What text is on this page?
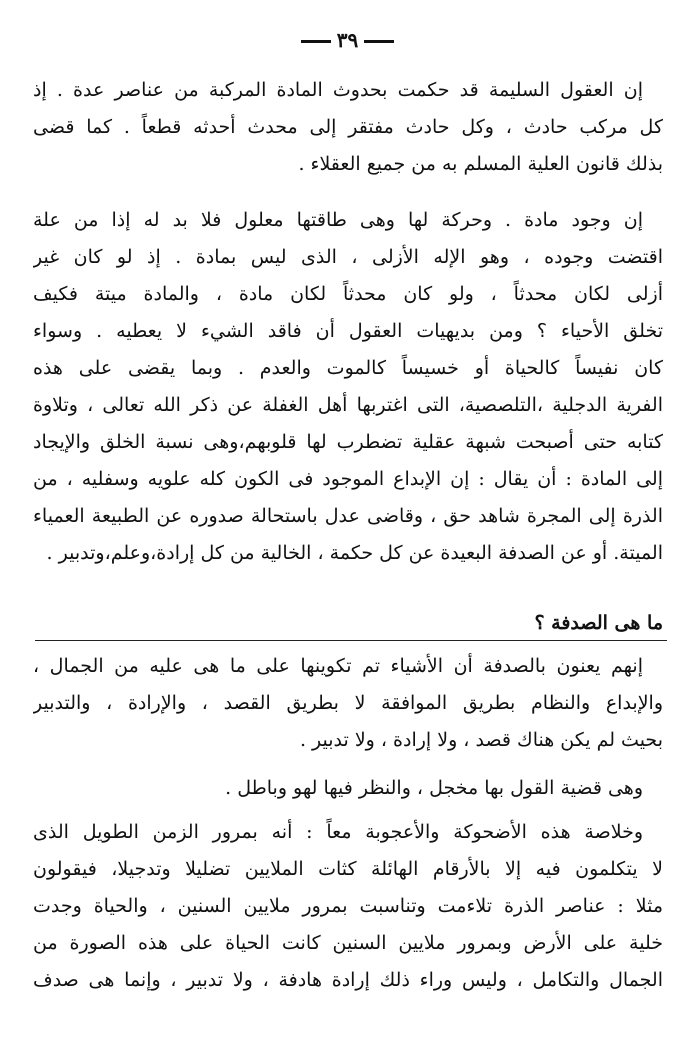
٣٩
إن العقول السليمة قد حكمت بحدوث المادة المركبة من عناصر عدة . إذ
كل مركب حادث ، وكل حادث مفتقر إلى محدث أحدثه قطعاً . كما قضى
بذلك قانون العلية المسلم به من جميع العقلاء .
إن وجود مادة . وحركة لها وهى طاقتها معلول فلا بد له إذا من علة
اقتضت وجوده ، وهو الإله الأزلى ، الذى ليس بمادة . إذ لو كان غير
أزلى لكان محدثاً ، ولو كان محدثاً لكان مادة ، والمادة ميتة فكيف
تخلق الأحياء ؟ ومن بديهيات العقول أن فاقد الشيء لا يعطيه . وسواء
كان نفيساً كالحياة أو خسيساً كالموت والعدم . وبما يقضى على هذه
الفرية الدجلية ،التلصصية، التى اغتربها أهل الغفلة عن ذكر الله تعالى ، وتلاوة
كتابه حتى أصبحت شبهة عقلية تضطرب لها قلوبهم،وهى نسبة الخلق والإيجاد
إلى المادة : أن يقال : إن الإبداع الموجود فى الكون كله علويه وسفليه ، من
الذرة إلى المجرة شاهد حق ، وقاضى عدل باستحالة صدوره عن الطبيعة العمياء
الميتة. أو عن الصدفة البعيدة عن كل حكمة ، الخالية من كل إرادة،وعلم،وتدبير .
ما هى الصدفة ؟
إنهم يعنون بالصدفة أن الأشياء تم تكوينها على ما هى عليه من الجمال ،
والإبداع والنظام بطريق الموافقة لا بطريق القصد ، والإرادة ، والتدبير
بحيث لم يكن هناك قصد ، ولا إرادة ، ولا تدبير .
وهى قضية القول بها مخجل ، والنظر فيها لهو وباطل .
وخلاصة هذه الأضحوكة والأعجوبة معاً : أنه بمرور الزمن الطويل الذى
لا يتكلمون فيه إلا بالأرقام الهائلة كثات الملايين تضليلا وتدجيلا، فيقولون
مثلا : عناصر الذرة تلاءمت وتناسبت بمرور ملايين السنين ، والحياة وجدت
خلية على الأرض وبمرور ملايين السنين كانت الحياة على هذه الصورة من
الجمال والتكامل ، وليس وراء ذلك إرادة هادفة ، ولا تدبير ، وإنما هى صدف
